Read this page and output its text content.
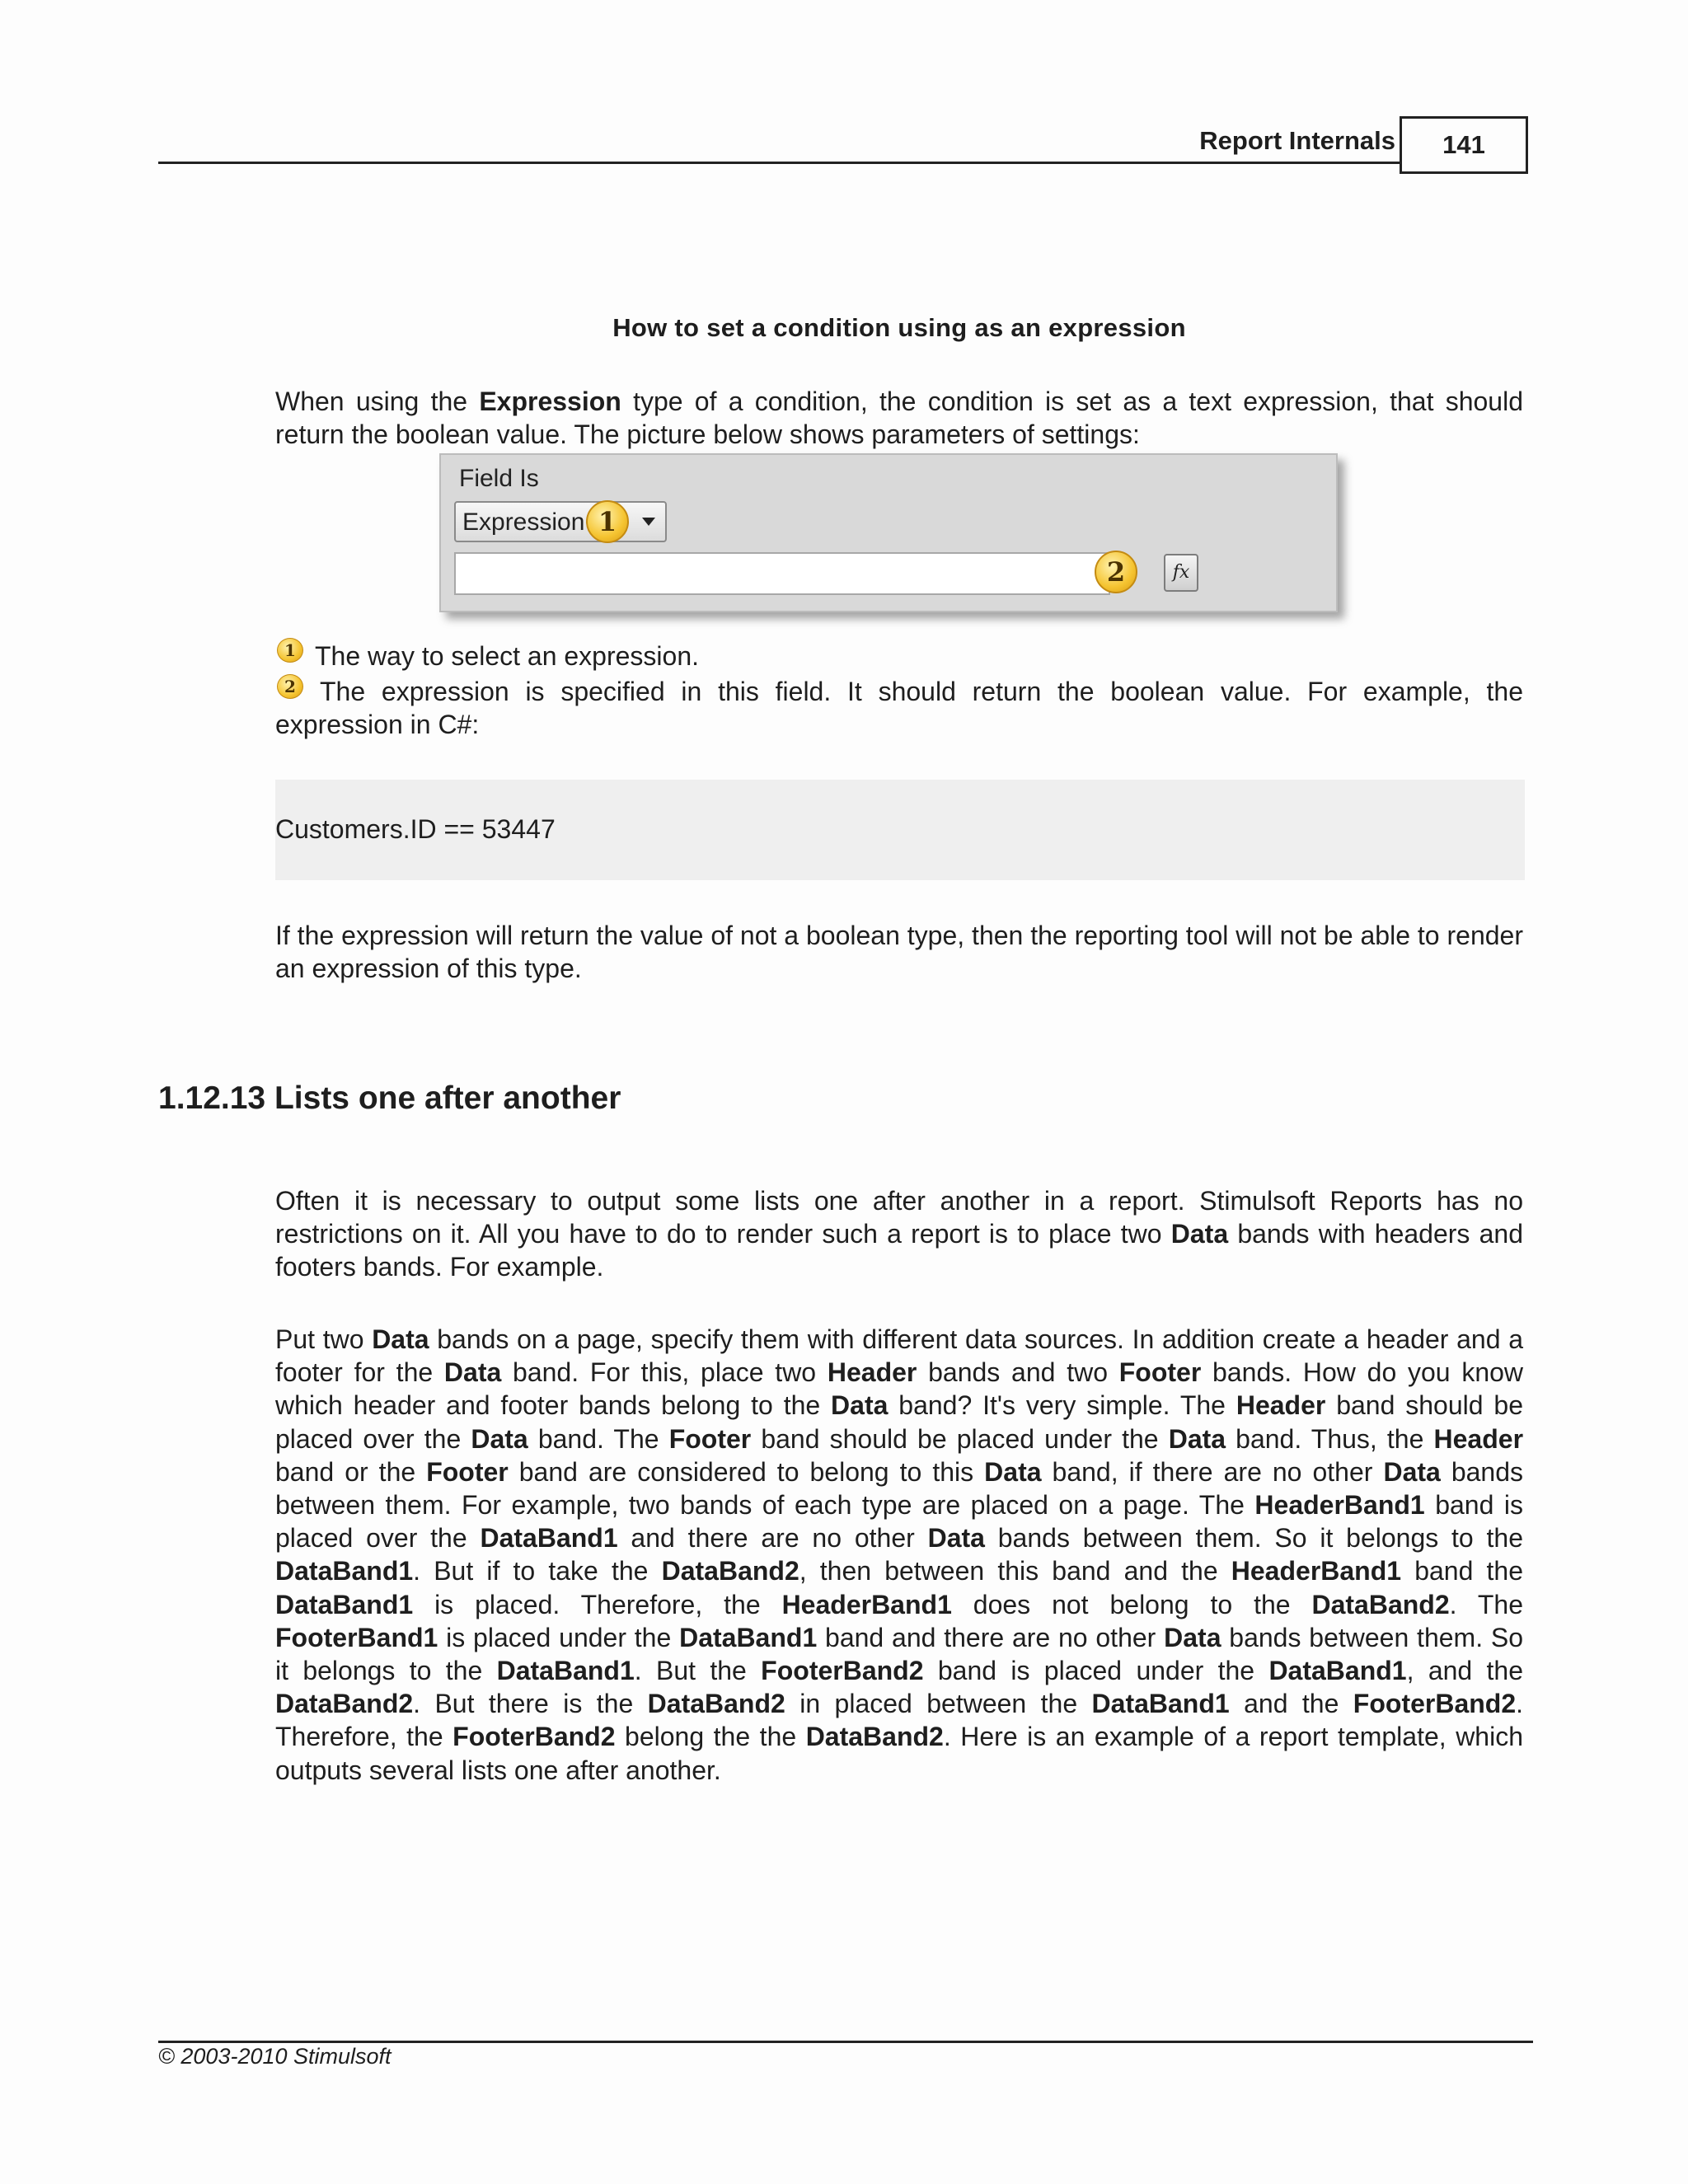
Report Internals	141
How to set a condition using as an expression
When using the Expression type of a condition, the condition is set as a text expression, that should return the boolean value. The picture below shows parameters of settings:
Field Is
Expression 1
2	fx
1 The way to select an expression.
2 The expression is specified in this field. It should return the boolean value. For example, the expression in C#:
Customers.ID == 53447
If the expression will return the value of not a boolean type, then the reporting tool will not be able to render an expression of this type.
1.12.13 Lists one after another
Often it is necessary to output some lists one after another in a report. Stimulsoft Reports has no restrictions on it. All you have to do to render such a report is to place two Data bands with headers and footers bands. For example.
Put two Data bands on a page, specify them with different data sources. In addition create a header and a footer for the Data band. For this, place two Header bands and two Footer bands. How do you know which header and footer bands belong to the Data band? It's very simple. The Header band should be placed over the Data band. The Footer band should be placed under the Data band. Thus, the Header band or the Footer band are considered to belong to this Data band, if there are no other Data bands between them. For example, two bands of each type are placed on a page. The HeaderBand1 band is placed over the DataBand1 and there are no other Data bands between them. So it belongs to the DataBand1. But if to take the DataBand2, then between this band and the HeaderBand1 band the DataBand1 is placed. Therefore, the HeaderBand1 does not belong to the DataBand2. The FooterBand1 is placed under the DataBand1 band and there are no other Data bands between them. So it belongs to the DataBand1. But the FooterBand2 band is placed under the DataBand1, and the DataBand2. But there is the DataBand2 in placed between the DataBand1 and the FooterBand2. Therefore, the FooterBand2 belong the the DataBand2. Here is an example of a report template, which outputs several lists one after another.
© 2003-2010 Stimulsoft
